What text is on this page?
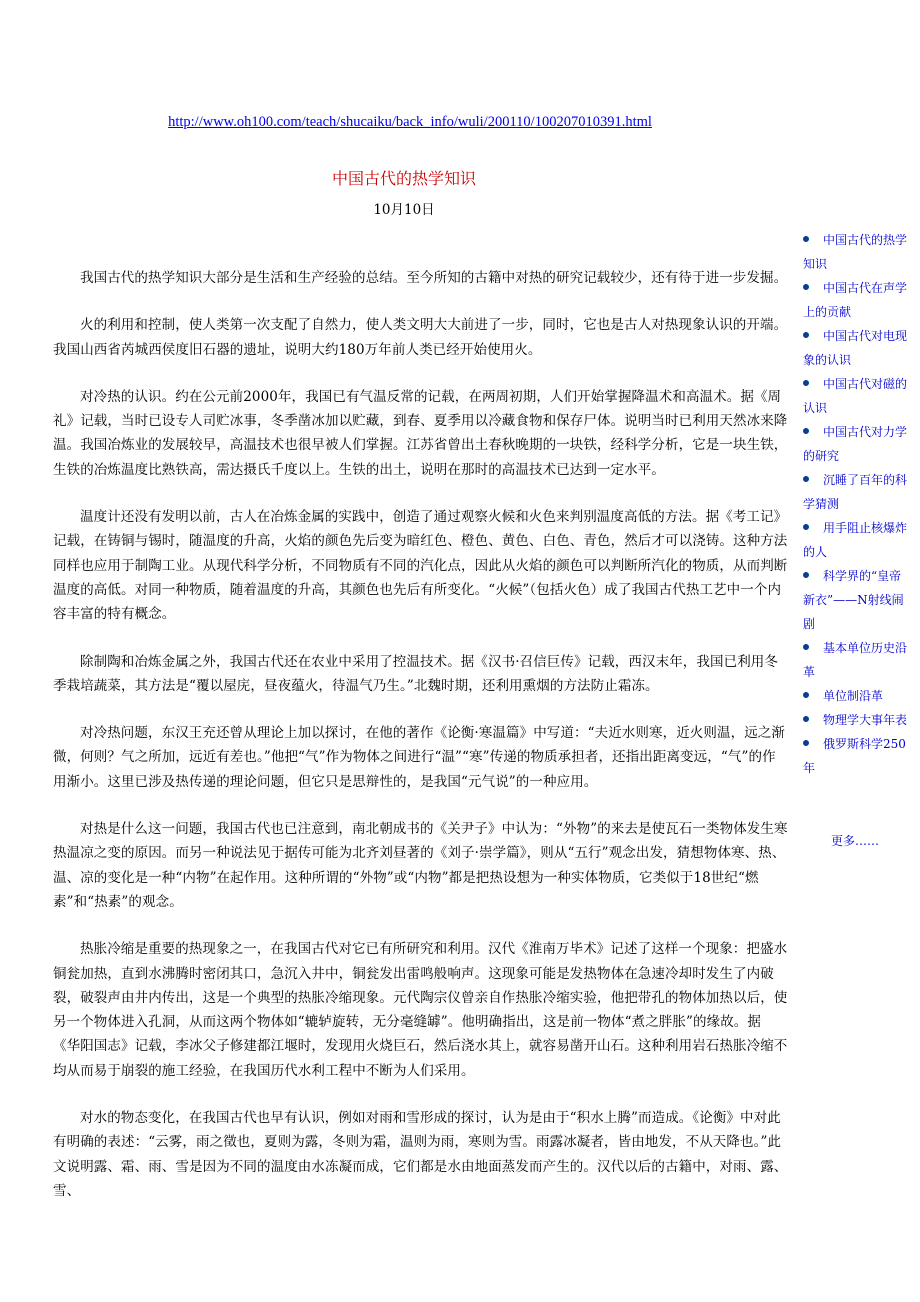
http://www.oh100.com/teach/shucaiku/back_info/wuli/200110/100207010391.html
中国古代的热学知识
10月10日

我国古代的热学知识大部分是生活和生产经验的总结。至今所知的古籍中对热的研究记载较少，还有待于进一步发掘。

火的利用和控制，使人类第一次支配了自然力，使人类文明大大前进了一步，同时，它也是古人对热现象认识的开端。我国山西省芮城西侯度旧石器的遗址，说明大约180万年前人类已经开始使用火。

对冷热的认识。约在公元前2000年，我国已有气温反常的记载，在两周初期，人们开始掌握降温术和高温术。据《周礼》记载，当时已设专人司贮冰事，冬季凿冰加以贮藏，到春、夏季用以冷藏食物和保存尸体。说明当时已利用天然冰来降温。我国冶炼业的发展较早，高温技术也很早被人们掌握。江苏省曾出土春秋晚期的一块铁，经科学分析，它是一块生铁，生铁的冶炼温度比熟铁高，需达摄氏千度以上。生铁的出土，说明在那时的高温技术已达到一定水平。

温度计还没有发明以前，古人在冶炼金属的实践中，创造了通过观察火候和火色来判别温度高低的方法。据《考工记》记载，在铸铜与锡时，随温度的升高，火焰的颜色先后变为暗红色、橙色、黄色、白色、青色，然后才可以浇铸。这种方法同样也应用于制陶工业。从现代科学分析，不同物质有不同的汽化点，因此从火焰的颜色可以判断所汽化的物质，从而判断温度的高低。对同一种物质，随着温度的升高，其颜色也先后有所变化。“火候”（包括火色）成了我国古代热工艺中一个内容丰富的特有概念。

除制陶和冶炼金属之外，我国古代还在农业中采用了控温技术。据《汉书·召信巨传》记载，西汉末年，我国已利用冬季栽培蔬菜，其方法是“覆以屋庑，昼夜蕴火，待温气乃生。”北魏时期，还利用熏烟的方法防止霜冻。

对冷热问题，东汉王充还曾从理论上加以探讨，在他的著作《论衡·寒温篇》中写道：“夫近水则寒，近火则温，远之渐微，何则？气之所加，远近有差也。”他把“气”作为物体之间进行“温”“寒”传递的物质承担者，还指出距离变远，“气”的作用渐小。这里已涉及热传递的理论问题，但它只是思辩性的，是我国“元气说”的一种应用。

对热是什么这一问题，我国古代也已注意到，南北朝成书的《关尹子》中认为：“外物”的来去是使瓦石一类物体发生寒热温凉之变的原因。而另一种说法见于据传可能为北齐刘昼著的《刘子·崇学篇》，则从“五行”观念出发，猜想物体寒、热、温、凉的变化是一种“内物”在起作用。这种所谓的“外物”或“内物”都是把热设想为一种实体物质，它类似于18世纪“燃素”和“热素”的观念。

热胀冷缩是重要的热现象之一，在我国古代对它已有所研究和利用。汉代《淮南万毕术》记述了这样一个现象：把盛水铜瓮加热，直到水沸腾时密闭其口，急沉入井中，铜瓮发出雷鸣般响声。这现象可能是发热物体在急速冷却时发生了内破裂，破裂声由井内传出，这是一个典型的热胀冷缩现象。元代陶宗仪曾亲自作热胀冷缩实验，他把带孔的物体加热以后，使另一个物体进入孔洞，从而这两个物体如“辘轳旋转，无分毫缝罅”。他明确指出，这是前一物体“煮之胖胀”的缘故。据《华阳国志》记载，李冰父子修建都江堰时，发现用火烧巨石，然后浇水其上，就容易凿开山石。这种利用岩石热胀冷缩不均从而易于崩裂的施工经验，在我国历代水利工程中不断为人们采用。

对水的物态变化，在我国古代也早有认识，例如对雨和雪形成的探讨，认为是由于“积水上腾”而造成。《论衡》中对此有明确的表述：“云雾，雨之徵也，夏则为露，冬则为霜，温则为雨，寒则为雪。雨露冰凝者，皆由地发，不从天降也。”此文说明露、霜、雨、雪是因为不同的温度由水冻凝而成，它们都是水由地面蒸发而产生的。汉代以后的古籍中，对雨、露、雪、

中国古代的热学知识
中国古代在声学上的贡献
中国古代对电现象的认识
中国古代对磁的认识
中国古代对力学的研究
沉睡了百年的科学猜测
用手阻止核爆炸的人
科学界的“皇帝新衣”——N射线闹剧
基本单位历史沿革
单位制沿革
物理学大事年表
俄罗斯科学250年
更多……
